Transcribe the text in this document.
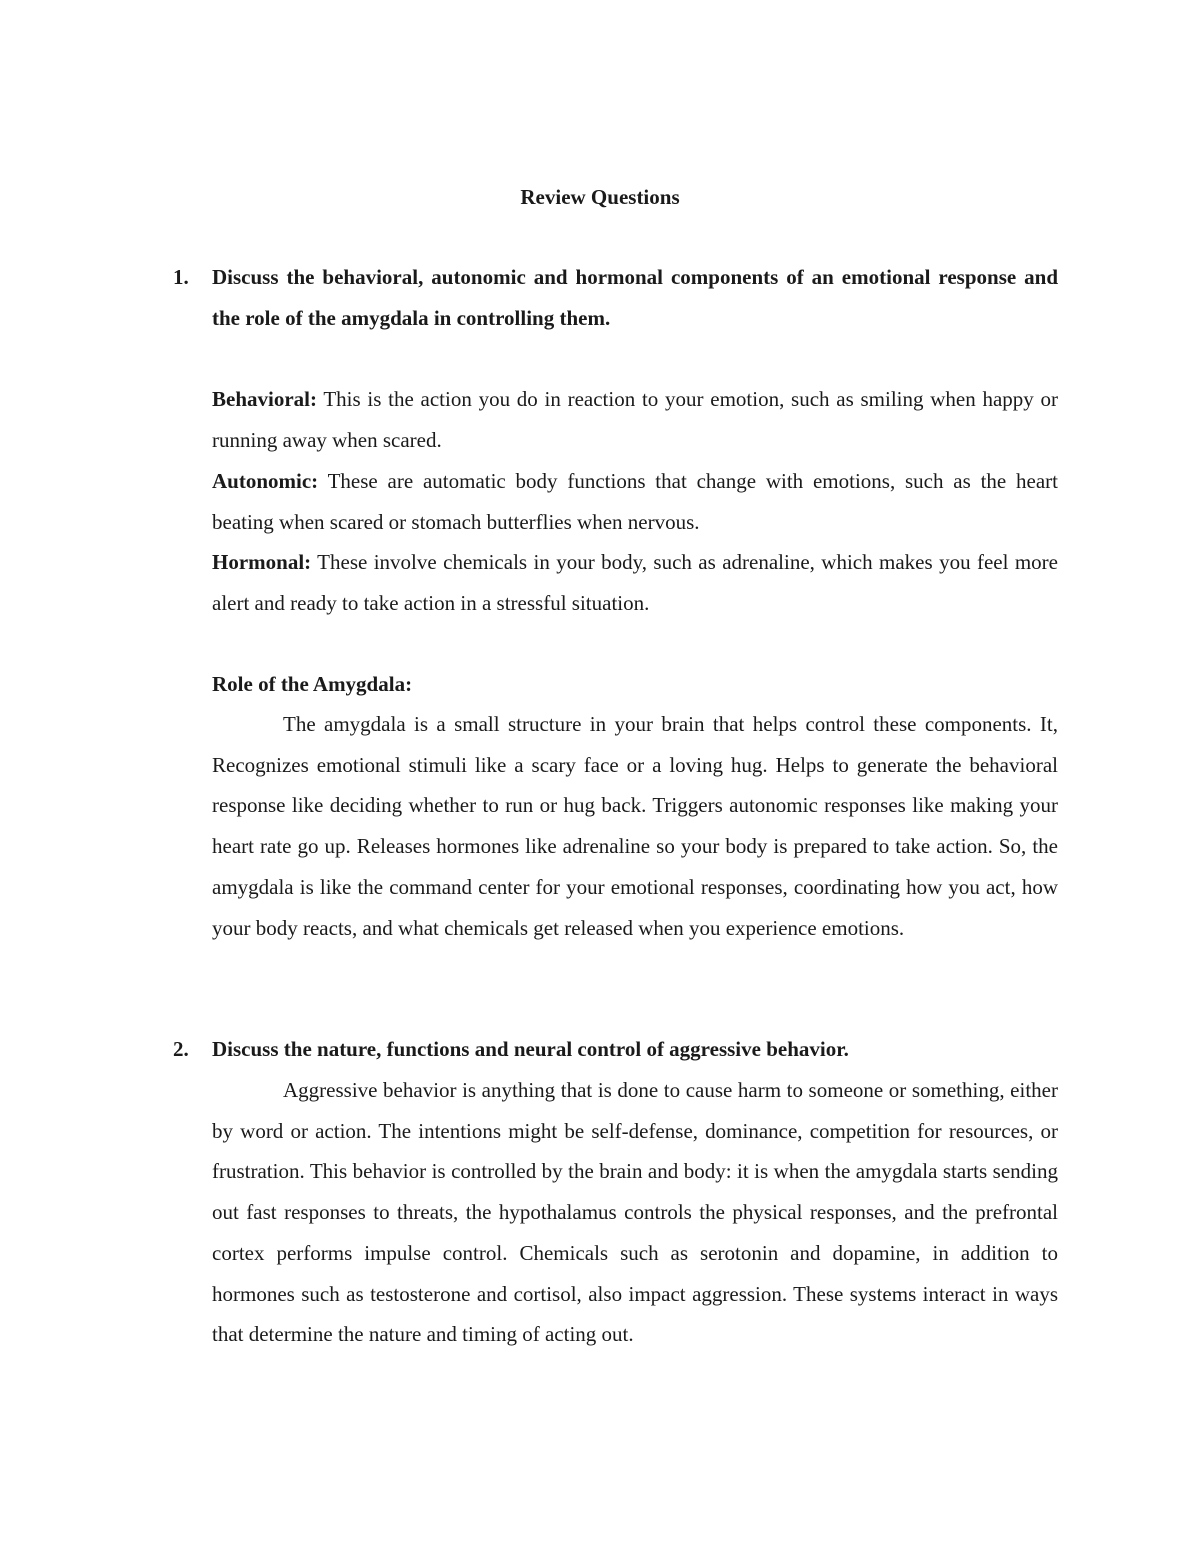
Review Questions
1. Discuss the behavioral, autonomic and hormonal components of an emotional response and the role of the amygdala in controlling them.
Behavioral: This is the action you do in reaction to your emotion, such as smiling when happy or running away when scared.
Autonomic: These are automatic body functions that change with emotions, such as the heart beating when scared or stomach butterflies when nervous.
Hormonal: These involve chemicals in your body, such as adrenaline, which makes you feel more alert and ready to take action in a stressful situation.
Role of the Amygdala:
The amygdala is a small structure in your brain that helps control these components. It, Recognizes emotional stimuli like a scary face or a loving hug. Helps to generate the behavioral response like deciding whether to run or hug back. Triggers autonomic responses like making your heart rate go up. Releases hormones like adrenaline so your body is prepared to take action. So, the amygdala is like the command center for your emotional responses, coordinating how you act, how your body reacts, and what chemicals get released when you experience emotions.
2. Discuss the nature, functions and neural control of aggressive behavior.
Aggressive behavior is anything that is done to cause harm to someone or something, either by word or action. The intentions might be self-defense, dominance, competition for resources, or frustration. This behavior is controlled by the brain and body: it is when the amygdala starts sending out fast responses to threats, the hypothalamus controls the physical responses, and the prefrontal cortex performs impulse control. Chemicals such as serotonin and dopamine, in addition to hormones such as testosterone and cortisol, also impact aggression. These systems interact in ways that determine the nature and timing of acting out.
